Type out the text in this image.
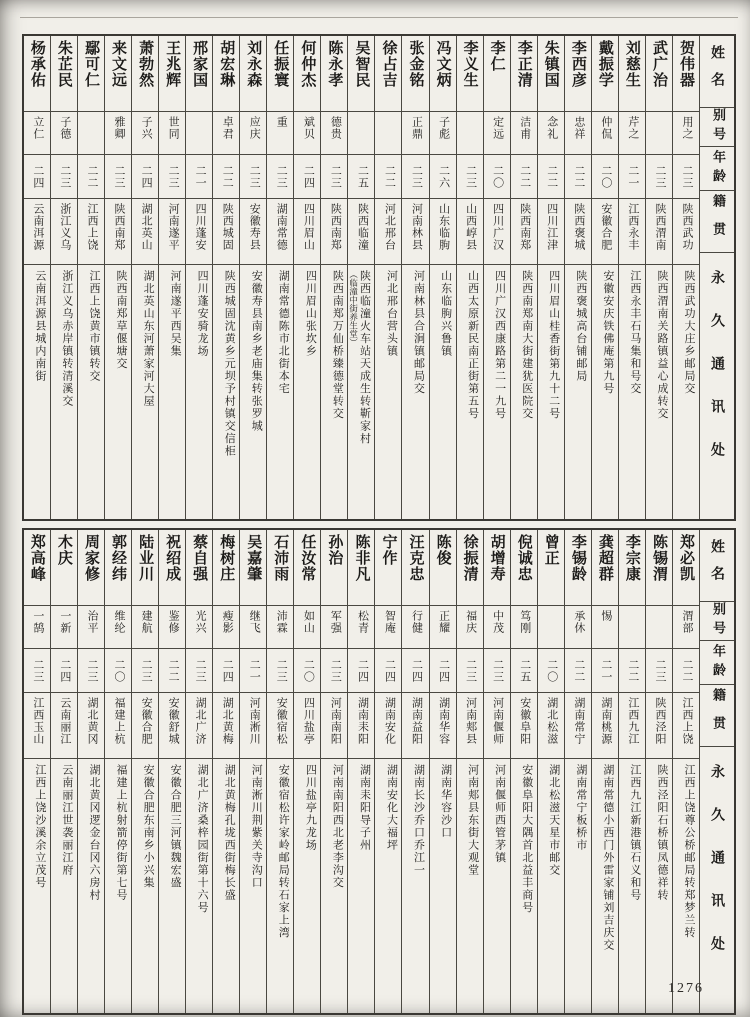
姓名
别号
年龄
籍贯
永久通讯处
贺伟器
用之
二三
陕西武功
陕西武功大庄乡邮局交
武广治
二三
陕西渭南
陕西渭南关路镇益心成转交
刘慈生
芹之
二一
江西永丰
江西永丰石马集和号交
戴振学
仲侃
二〇
安徽合肥
安徽安庆铁佛庵第九号
李西彦
忠祥
二二
陕西褒城
陕西褒城高台铺邮局
朱镇国
念礼
二二
四川江津
四川眉山桂香街第九十二号
李正清
洁甫
二二
陕西南郑
陕西南郑南大街建犹医院交
李仁
定远
二〇
四川广汉
四川广汉西康路第二一九号
李义生
二三
山西崞县
山西太原新民南正街第五号
冯文炳
子彪
二六
山东临朐
山东临朐兴鲁镇
张金铭
正鼎
二三
河南林县
河南林县合涧镇邮局交
徐占吉
二二
河北邢台
河北邢台营头镇
吴智民
二五
陕西临潼
陕西临潼火车站天成生转靳家村
（临潼中街养生堂）
陈永孝
德贵
二三
陕西南郑
陕西南郑万仙桥臻德堂转交
何仲杰
斌贝
二四
四川眉山
四川眉山张坎乡
任振寰
重
二三
湖南常德
湖南常德陈市北街本宅
刘永森
应庆
二三
安徽寿县
安徽寿县南乡老庙集转张罗城
胡宏琳
卓君
二二
陕西城固
陕西城固沈黄乡元坝予村镇交信柜
邢家国
二一
四川蓬安
四川蓬安骑龙场
王兆辉
世同
二三
河南遂平
河南遂平西吴集
萧勃然
子兴
二四
湖北英山
湖北英山东河萧家河大屋
来文远
雅卿
二三
陕西南郑
陕西南郑草偃塘交
鄢可仁
二二
江西上饶
江西上饶黄市镇转交
朱芷民
子德
二三
浙江义乌
浙江义乌赤岸镇转清溪交
杨承佑
立仁
二四
云南洱源
云南洱源县城内南街
姓名
别号
年龄
籍贯
永久通讯处
郑必凯
渭部
二二
江西上饶
江西上饶尊公桥邮局转郑梦兰转
陈锡渭
二三
陕西泾阳
陕西泾阳石桥镇凤德祥转
李宗康
二二
江西九江
江西九江新港镇石义和号
龚超群
惕
二一
湖南桃源
湖南常德小西门外雷家铺刘吉庆交
李锡龄
承休
二二
湖南常宁
湖南常宁板桥市
曾正
二〇
湖北松滋
湖北松滋天星市邮交
倪诚忠
笃刚
二五
安徽阜阳
安徽阜阳大隅首北益丰商号
胡增寿
中茂
二三
河南偃师
河南偃师西管茅镇
徐振清
福庆
二三
河南郏县
河南郏县东街大观堂
陈俊
正耀
二四
湖南华容
湖南华容沙口
汪克忠
行健
二四
湖南益阳
湖南长沙乔口乔江一
宁作
智庵
二四
湖南安化
湖南安化大福坪
陈非凡
松青
二四
湖南耒阳
湖南耒阳导子州
孙治
军强
二三
河南南阳
河南南阳西北老李沟交
任汝常
如山
二〇
四川盐亭
四川盐亭九龙场
石沛雨
沛霖
二三
安徽宿松
安徽宿松许家岭邮局转石家上湾
吴嘉肇
继飞
二一
河南淅川
河南淅川荆紫关寺沟口
梅树庄
瘦影
二四
湖北黄梅
湖北黄梅孔垅西街梅长盛
蔡自强
光兴
二三
湖北广济
湖北广济桑梓园街第十六号
祝绍成
鉴修
二二
安徽舒城
安徽合肥三河镇魏宏盛
陆业川
建航
二三
安徽合肥
安徽合肥东南乡小兴集
郭经纬
维纶
二〇
福建上杭
福建上杭射箭停街第七号
周家修
治平
二三
湖北黄冈
湖北黄冈逻金台冈六房村
木庆
一新
二四
云南丽江
云南丽江世袭丽江府
郑高峰
一鹄
二三
江西玉山
江西上饶沙溪余立茂号
1276
